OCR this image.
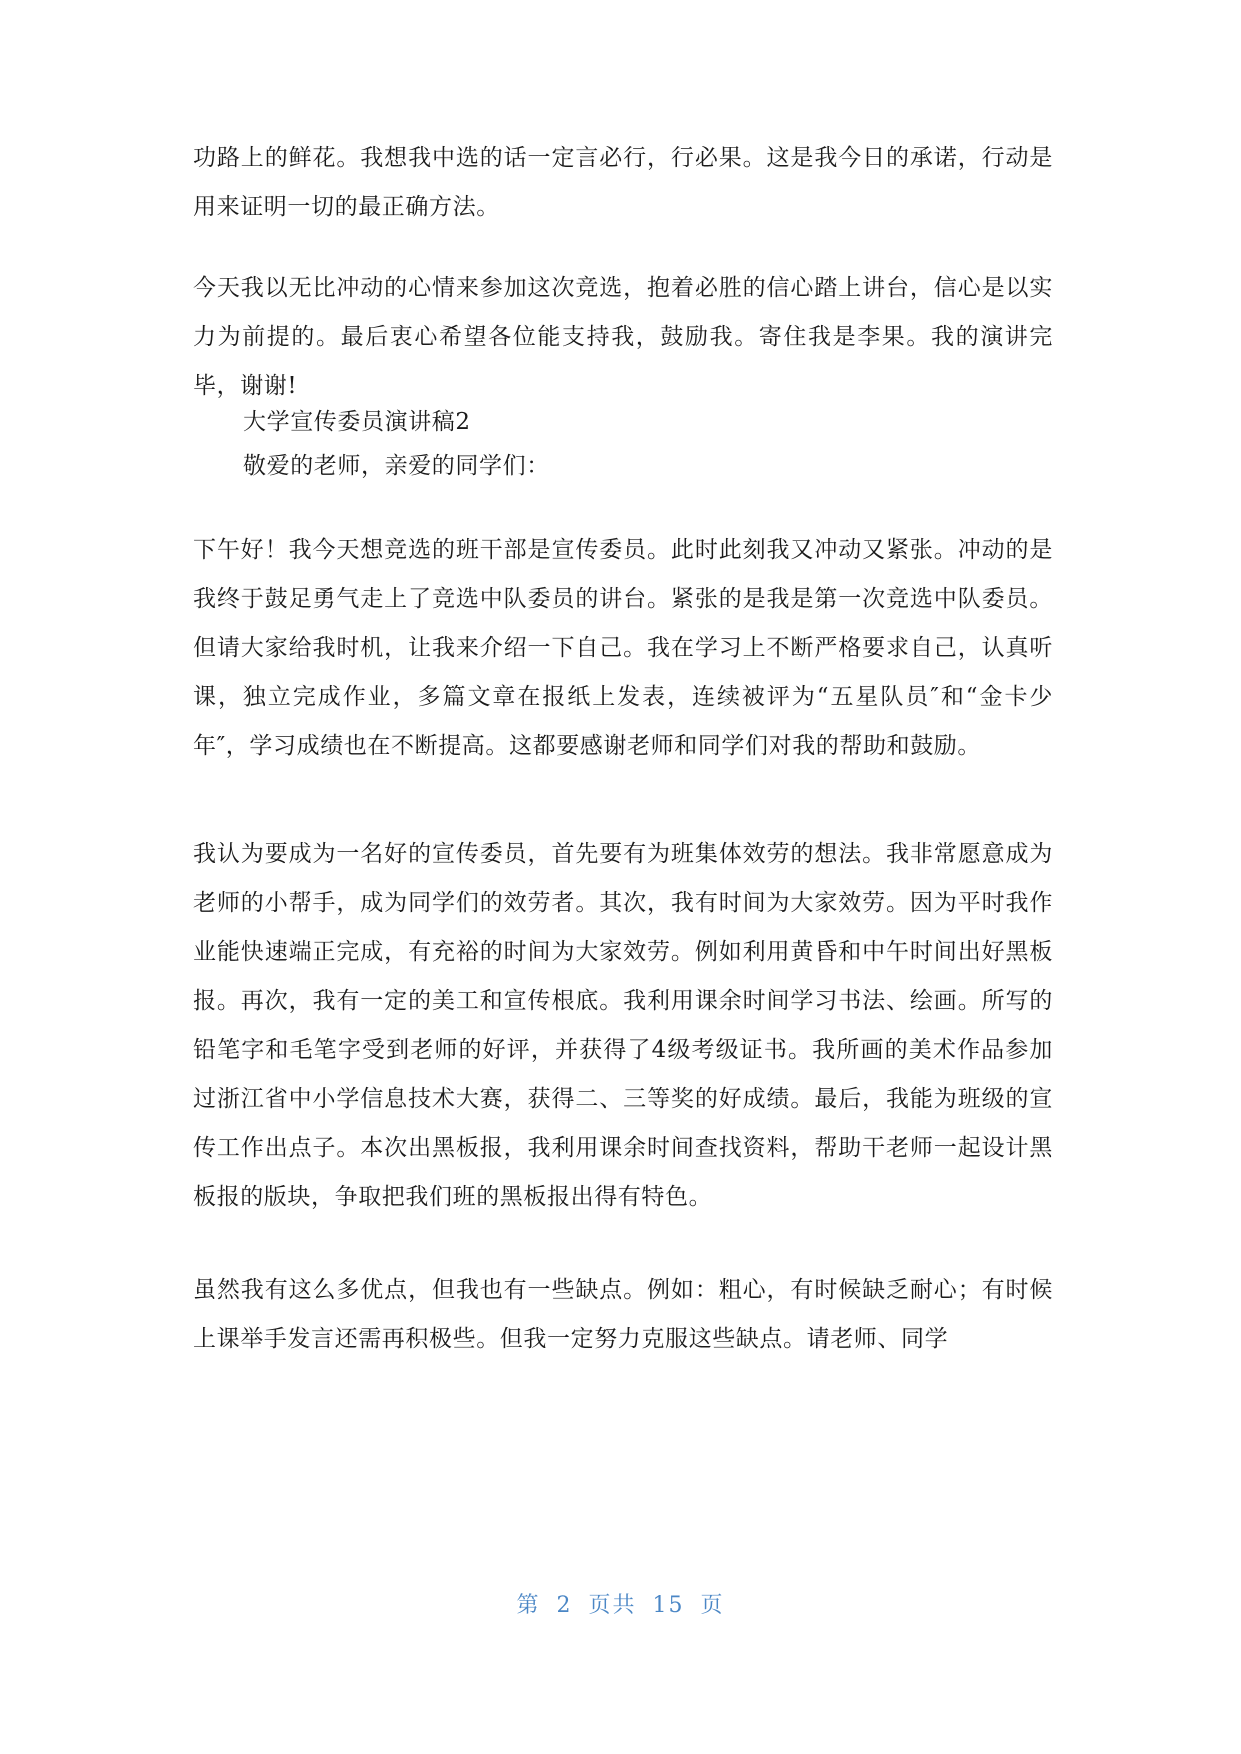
功路上的鲜花。我想我中选的话一定言必行，行必果。这是我今日的承诺，行动是用来证明一切的最正确方法。

今天我以无比冲动的心情来参加这次竞选，抱着必胜的信心踏上讲台，信心是以实力为前提的。最后衷心希望各位能支持我，鼓励我。寄住我是李果。我的演讲完毕，谢谢!

大学宣传委员演讲稿2

敬爱的老师，亲爱的同学们：

下午好！我今天想竞选的班干部是宣传委员。此时此刻我又冲动又紧张。冲动的是我终于鼓足勇气走上了竞选中队委员的讲台。紧张的是我是第一次竞选中队委员。但请大家给我时机，让我来介绍一下自己。我在学习上不断严格要求自己，认真听课，独立完成作业，多篇文章在报纸上发表，连续被评为“五星队员″和“金卡少年″，学习成绩也在不断提高。这都要感谢老师和同学们对我的帮助和鼓励。

我认为要成为一名好的宣传委员，首先要有为班集体效劳的想法。我非常愿意成为老师的小帮手，成为同学们的效劳者。其次，我有时间为大家效劳。因为平时我作业能快速端正完成，有充裕的时间为大家效劳。例如利用黄昏和中午时间出好黑板报。再次，我有一定的美工和宣传根底。我利用课余时间学习书法、绘画。所写的铅笔字和毛笔字受到老师的好评，并获得了4级考级证书。我所画的美术作品参加过浙江省中小学信息技术大赛，获得二、三等奖的好成绩。最后，我能为班级的宣传工作出点子。本次出黑板报，我利用课余时间查找资料，帮助干老师一起设计黑板报的版块，争取把我们班的黑板报出得有特色。

虽然我有这么多优点，但我也有一些缺点。例如：粗心，有时候缺乏耐心；有时候上课举手发言还需再积极些。但我一定努力克服这些缺点。请老师、同学

第 2 页共 15 页
